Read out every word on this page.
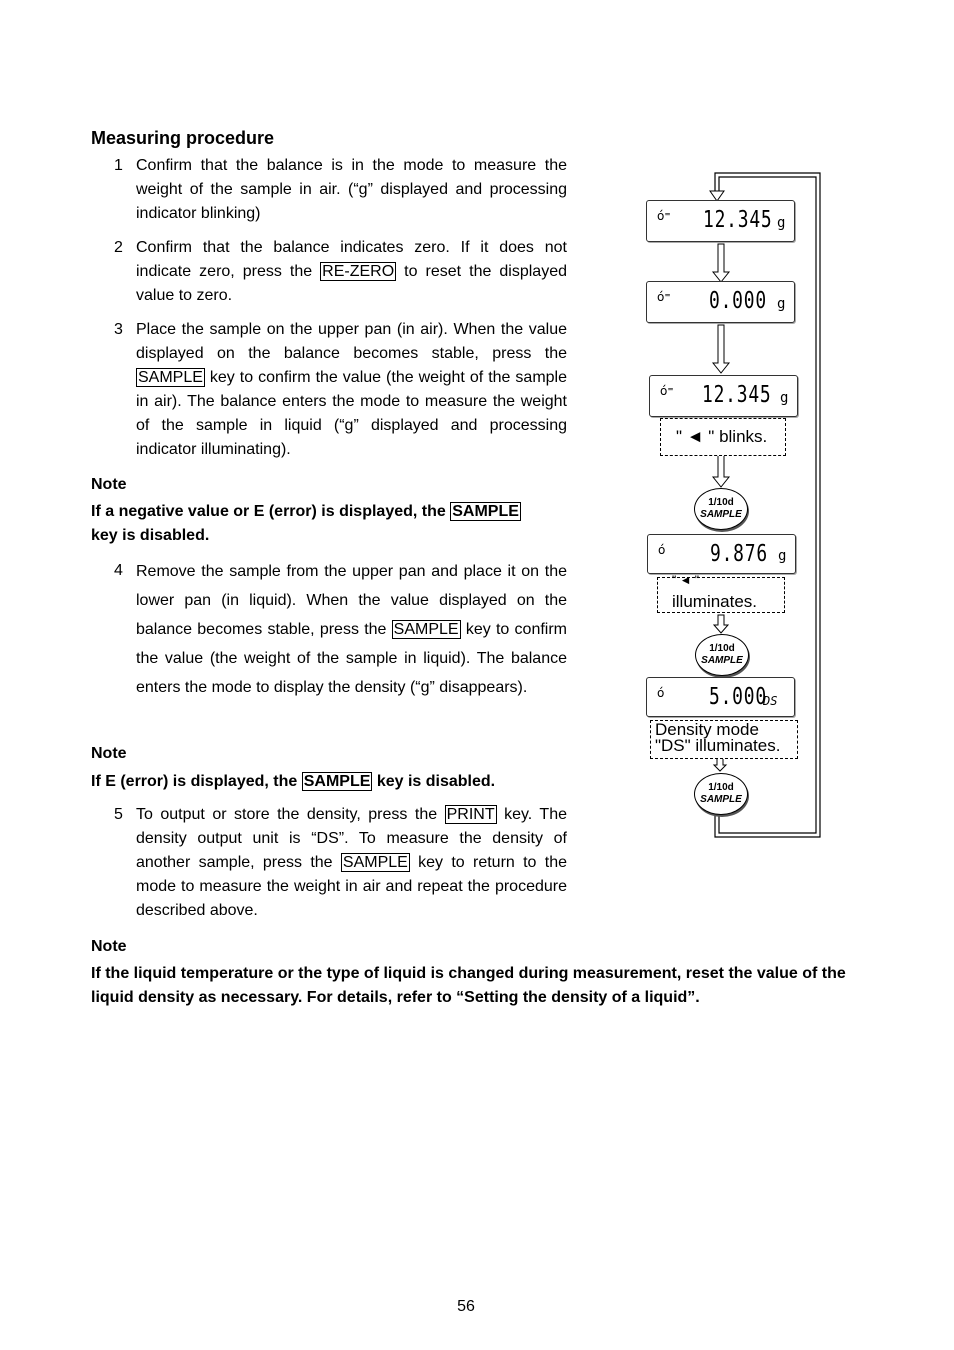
Measuring procedure
1 Confirm that the balance is in the mode to measure the weight of the sample in air. (“g” displayed and processing indicator blinking)
2 Confirm that the balance indicates zero. If it does not indicate zero, press the RE-ZERO to reset the displayed value to zero.
3 Place the sample on the upper pan (in air). When the value displayed on the balance becomes stable, press the SAMPLE key to confirm the value (the weight of the sample in air). The balance enters the mode to measure the weight of the sample in liquid (“g” displayed and processing indicator illuminating).
Note
If a negative value or E (error) is displayed, the SAMPLE key is disabled.
4 Remove the sample from the upper pan and place it on the lower pan (in liquid). When the value displayed on the balance becomes stable, press the SAMPLE key to confirm the value (the weight of the sample in liquid). The balance enters the mode to display the density (“g” disappears).
Note
If E (error) is displayed, the SAMPLE key is disabled.
5 To output or store the density, press the PRINT key. The density output unit is “DS”. To measure the density of another sample, press the SAMPLE key to return to the mode to measure the weight in air and repeat the procedure described above.
Note
If the liquid temperature or the type of liquid is changed during measurement, reset the value of the liquid density as necessary. For details, refer to “Setting the density of a liquid”.
ό⁼ 12.345 g
ό⁼ 0.000 g
ό⁼ 12.345 g
" ◄ " blinks.
1/10d
SAMPLE
ό 9.876 g
" ◄ "
illuminates.
1/10d
SAMPLE
ό 5.000
DS
Density mode
"DS" illuminates.
1/10d
SAMPLE
56
